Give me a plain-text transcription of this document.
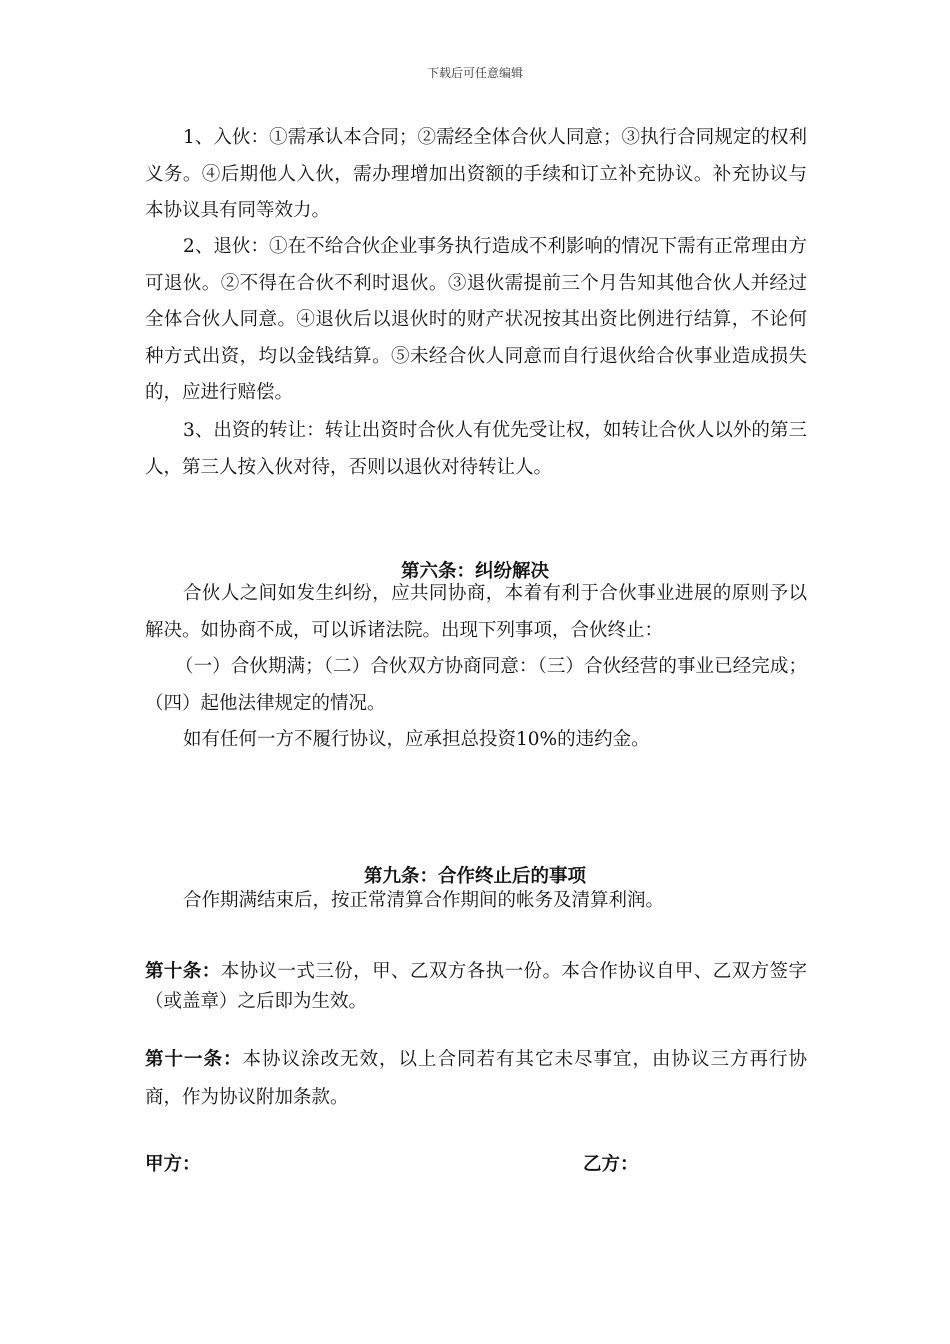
下载后可任意编辑
1、入伙：①需承认本合同；②需经全体合伙人同意；③执行合同规定的权利义务。④后期他人入伙，需办理增加出资额的手续和订立补充协议。补充协议与本协议具有同等效力。
2、退伙：①在不给合伙企业事务执行造成不利影响的情况下需有正常理由方可退伙。②不得在合伙不利时退伙。③退伙需提前三个月告知其他合伙人并经过全体合伙人同意。④退伙后以退伙时的财产状况按其出资比例进行结算，不论何种方式出资，均以金钱结算。⑤未经合伙人同意而自行退伙给合伙事业造成损失的，应进行赔偿。
3、出资的转让：转让出资时合伙人有优先受让权，如转让合伙人以外的第三人，第三人按入伙对待，否则以退伙对待转让人。
第六条：纠纷解决
合伙人之间如发生纠纷，应共同协商，本着有利于合伙事业进展的原则予以解决。如协商不成，可以诉诸法院。出现下列事项，合伙终止：
（一）合伙期满；（二）合伙双方协商同意：（三）合伙经营的事业已经完成；（四）起他法律规定的情况。
如有任何一方不履行协议，应承担总投资10%的违约金。
第九条：合作终止后的事项
合作期满结束后，按正常清算合作期间的帐务及清算利润。
第十条：本协议一式三份，甲、乙双方各执一份。本合作协议自甲、乙双方签字（或盖章）之后即为生效。
第十一条：本协议涂改无效，以上合同若有其它未尽事宜，由协议三方再行协商，作为协议附加条款。
甲方：	乙方：
